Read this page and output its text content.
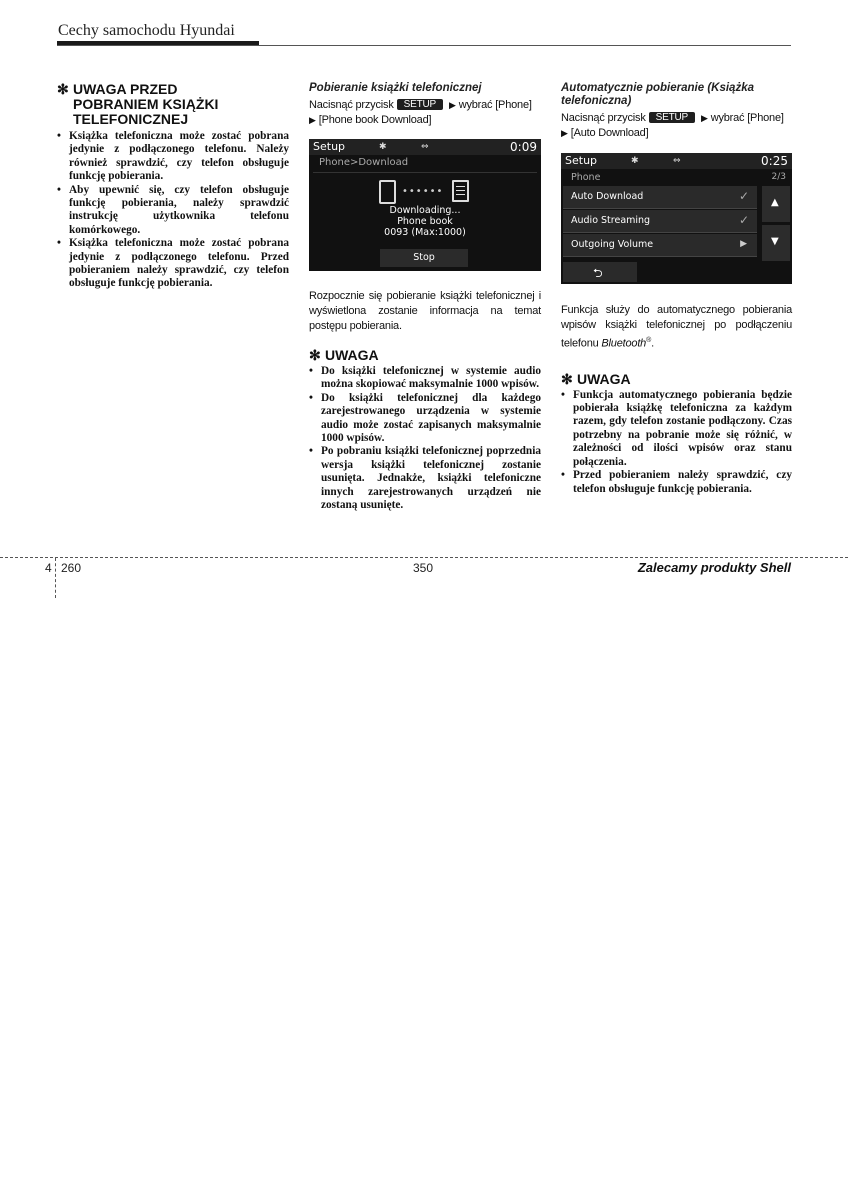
Cechy samochodu Hyundai
✻ UWAGA PRZED
POBRANIEM KSIĄŻKI
TELEFONICZNEJ
• Książka telefoniczna może zostać pobrana jedynie z podłączonego telefonu. Należy również sprawdzić, czy telefon obsługuje funkcję pobierania.
• Aby upewnić się, czy telefon obsługuje funkcję pobierania, należy sprawdzić instrukcję użytkownika telefonu komórkowego.
• Książka telefoniczna może zostać pobrana jedynie z podłączonego telefonu. Przed pobieraniem należy sprawdzić, czy telefon obsługuje funkcję pobierania.

Pobieranie książki telefonicznej

Nacisnąć przycisk SETUP ▶ wybrać [Phone]
▶ [Phone book Download]

Setup	✱	⇔	0:09
Phone>Download
••••••
Downloading...
Phone book
0093 (Max:1000)
Stop

Rozpocznie się pobieranie książki telefonicznej i wyświetlona zostanie informacja na temat postępu pobierania.

✻ UWAGA
• Do książki telefonicznej w systemie audio można skopiować maksymalnie 1000 wpisów.
• Do książki telefonicznej dla każdego zarejestrowanego urządzenia w systemie audio może zostać zapisanych maksymalnie 1000 wpisów.
• Po pobraniu książki telefonicznej poprzednia wersja książki telefonicznej zostanie usunięta. Jednakże, książki telefoniczne innych zarejestrowanych urządzeń nie zostaną usunięte.

Automatycznie pobieranie (Książka telefoniczna)

Nacisnąć przycisk SETUP ▶ wybrać [Phone]
▶ [Auto Download]

Setup	✱	⇔	0:25
Phone	2/3
Auto Download	✓
Audio Streaming	✓
Outgoing Volume	▶
▲
▼
⮌

Funkcja służy do automatycznego pobierania wpisów książki telefonicznej po podłączeniu telefonu Bluetooth®.

✻ UWAGA
• Funkcja automatycznego pobierania będzie pobierała książkę telefoniczna za każdym razem, gdy telefon zostanie podłączony. Czas potrzebny na pobranie może się różnić, w zależności od ilości wpisów oraz stanu połączenia.
• Przed pobieraniem należy sprawdzić, czy telefon obsługuje funkcję pobierania.
4 260	350	Zalecamy produkty Shell
